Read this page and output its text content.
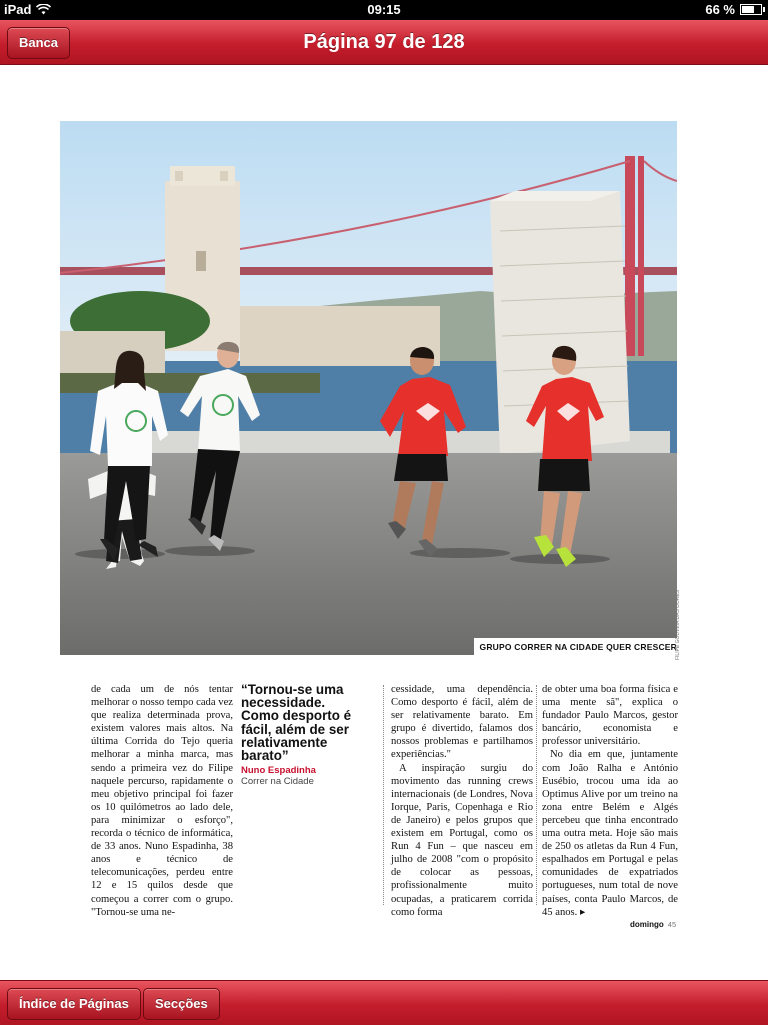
iPad	09:15	66 %
Página 97 de 128
Banca
GRUPO CORRER NA CIDADE QUER CRESCER
FILIPE GOUVEIA DAS DORES

de cada um de nós tentar melhorar o nosso tempo cada vez que realiza determinada prova, existem valores mais altos. Na última Corrida do Tejo queria melhorar a minha marca, mas sendo a primeira vez do Filipe naquele percurso, rapidamente o meu objetivo principal foi fazer os 10 quilómetros ao lado dele, para minimizar o esforço", recorda o técnico de informática, de 33 anos. Nuno Espadinha, 38 anos e técnico de telecomunicações, perdeu entre 12 e 15 quilos desde que começou a correr com o grupo. "Tornou-se uma ne-

“Tornou-se uma necessidade. Como desporto é fácil, além de ser relativamente barato”
Nuno Espadinha
Correr na Cidade

cessidade, uma dependência. Como desporto é fácil, além de ser relativamente barato. Em grupo é divertido, falamos dos nossos problemas e partilhamos experiências."

A inspiração surgiu do movimento das running crews internacionais (de Londres, Nova Iorque, Paris, Copenhaga e Rio de Janeiro) e pelos grupos que existem em Portugal, como os Run 4 Fun – que nasceu em julho de 2008 "com o propósito de colocar as pessoas, profissionalmente muito ocupadas, a praticarem corrida como forma

de obter uma boa forma física e uma mente sã", explica o fundador Paulo Marcos, gestor bancário, economista e professor universitário.

No dia em que, juntamente com João Ralha e António Eusébio, trocou uma ida ao Optimus Alive por um treino na zona entre Belém e Algés percebeu que tinha encontrado uma outra meta. Hoje são mais de 250 os atletas da Run 4 Fun, espalhados em Portugal e pelas comunidades de expatriados portugueses, num total de nove países, conta Paulo Marcos, de 45 anos. ▸

domingo 45
Índice de Páginas	Secções
